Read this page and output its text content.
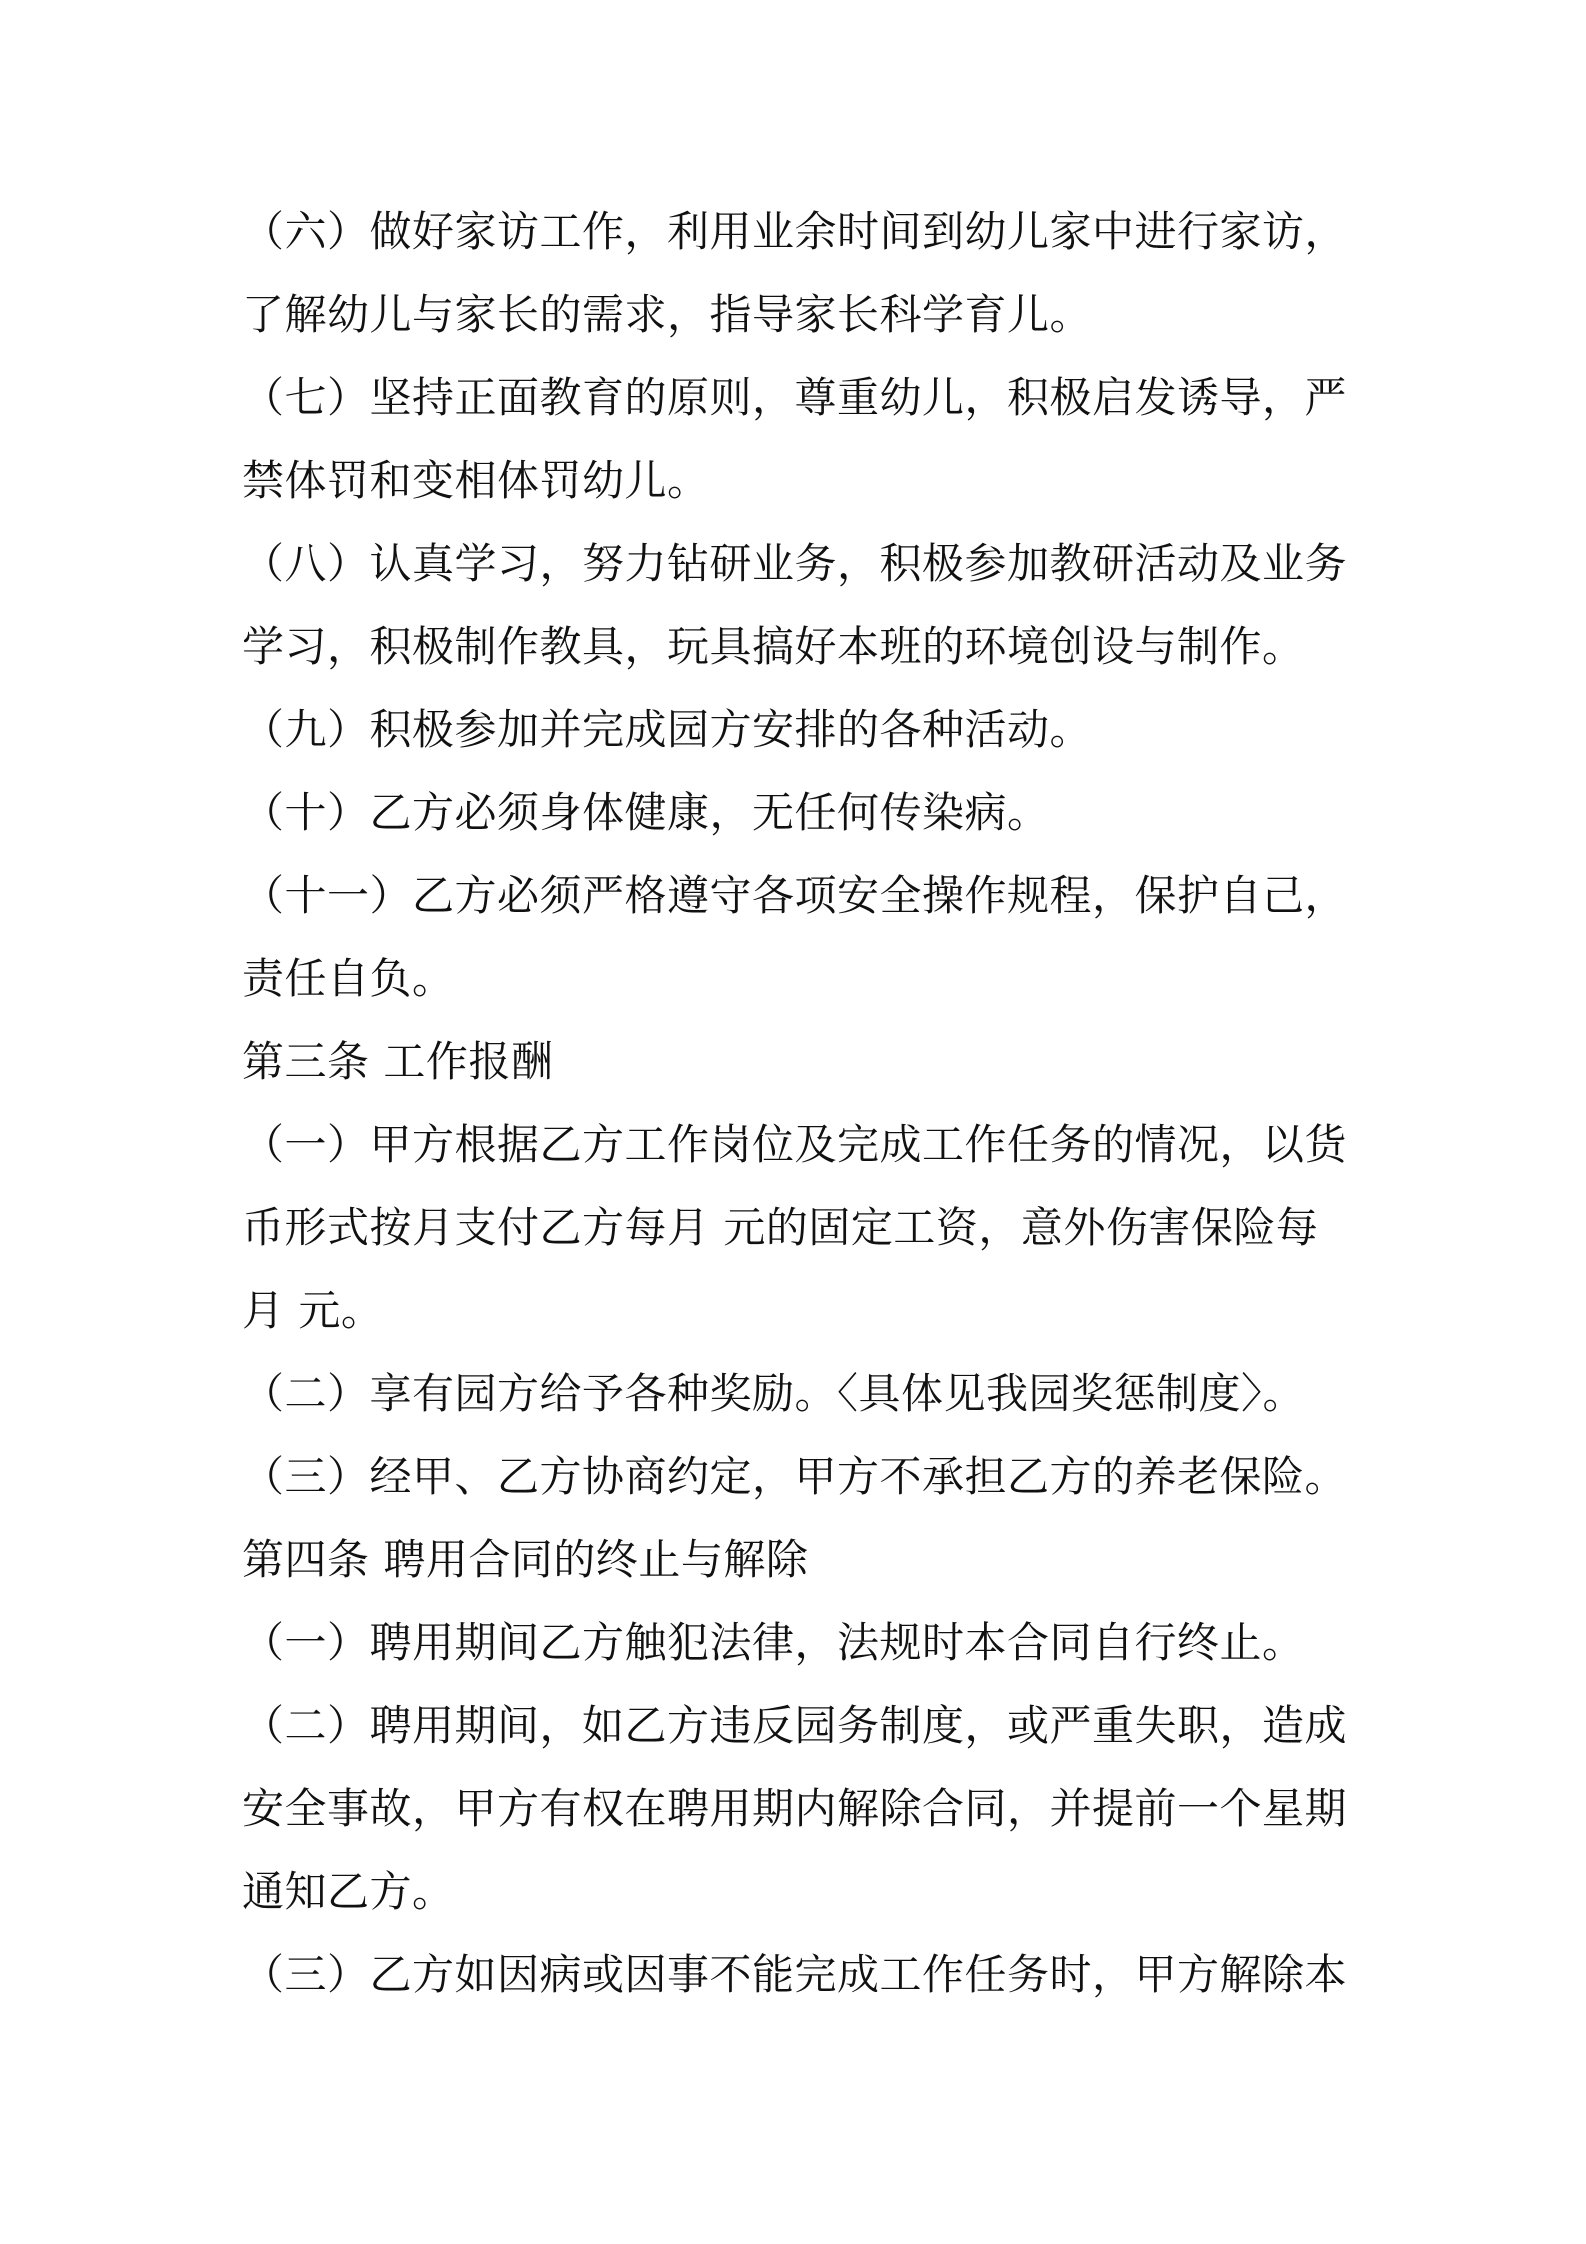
（六）做好家访工作，利用业余时间到幼儿家中进行家访，
了解幼儿与家长的需求，指导家长科学育儿。

（七）坚持正面教育的原则，尊重幼儿，积极启发诱导，严
禁体罚和变相体罚幼儿。

（八）认真学习，努力钻研业务，积极参加教研活动及业务
学习，积极制作教具，玩具搞好本班的环境创设与制作。

（九）积极参加并完成园方安排的各种活动。

（十）乙方必须身体健康，无任何传染病。

（十一）乙方必须严格遵守各项安全操作规程，保护自己，
责任自负。

第三条 工作报酬

（一）甲方根据乙方工作岗位及完成工作任务的情况，以货
币形式按月支付乙方每月 元的固定工资，意外伤害保险每
月 元。

（二）享有园方给予各种奖励。〈具体见我园奖惩制度〉。

（三）经甲、乙方协商约定，甲方不承担乙方的养老保险。

第四条 聘用合同的终止与解除

（一）聘用期间乙方触犯法律，法规时本合同自行终止。

（二）聘用期间，如乙方违反园务制度，或严重失职，造成
安全事故，甲方有权在聘用期内解除合同，并提前一个星期
通知乙方。

（三）乙方如因病或因事不能完成工作任务时，甲方解除本
